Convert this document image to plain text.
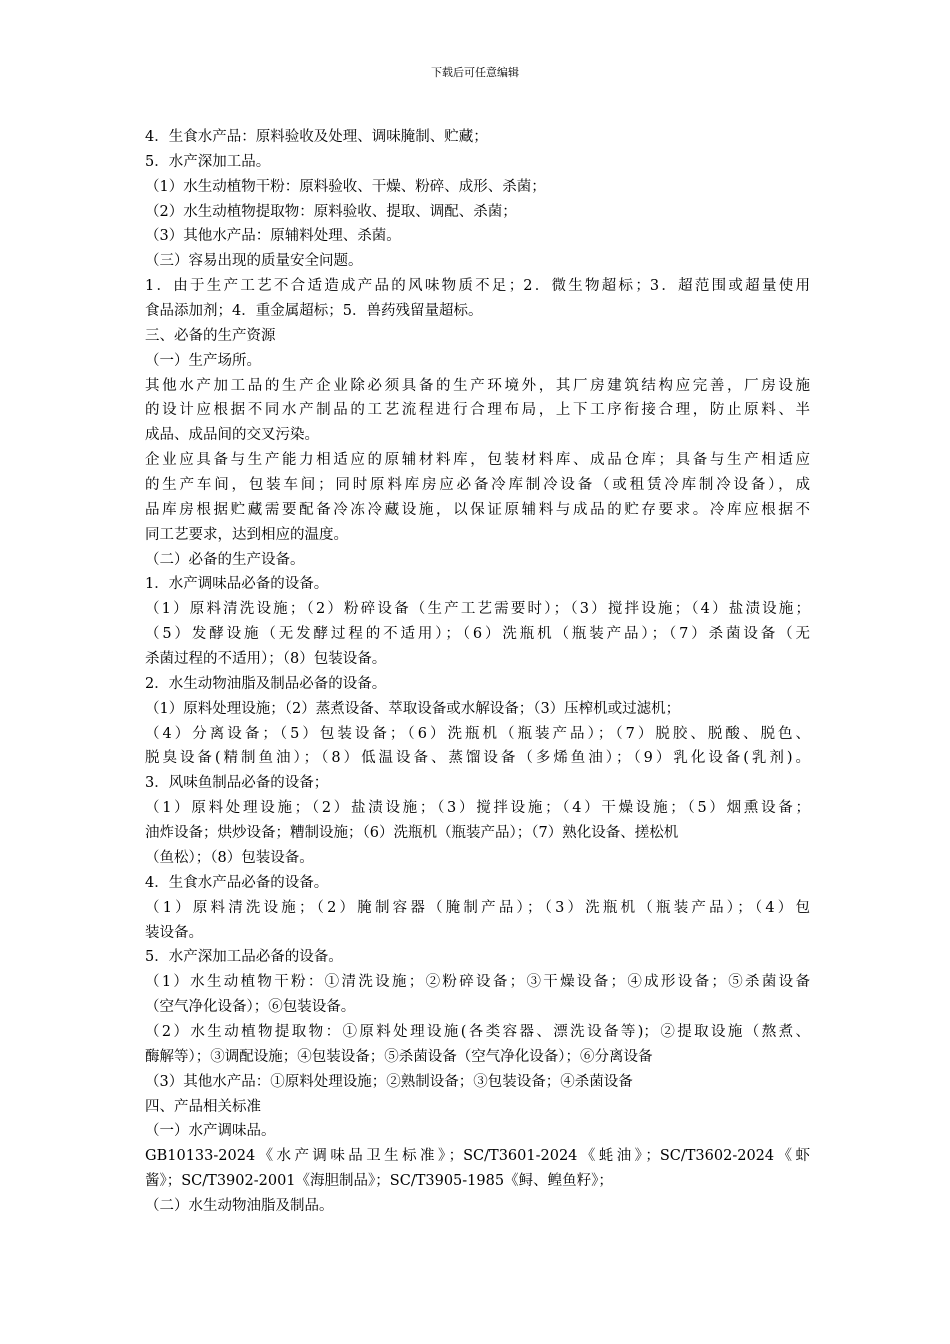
下载后可任意编辑
4．生食水产品：原料验收及处理、调味腌制、贮藏；
5．水产深加工品。
（1）水生动植物干粉：原料验收、干燥、粉碎、成形、杀菌；
（2）水生动植物提取物：原料验收、提取、调配、杀菌；
（3）其他水产品：原辅料处理、杀菌。
（三）容易出现的质量安全问题。
1．由于生产工艺不合适造成产品的风味物质不足；2．微生物超标；3．超范围或超量使用
食品添加剂；4．重金属超标；5．兽药残留量超标。
三、必备的生产资源
（一）生产场所。
其他水产加工品的生产企业除必须具备的生产环境外，其厂房建筑结构应完善，厂房设施
的设计应根据不同水产制品的工艺流程进行合理布局，上下工序衔接合理，防止原料、半
成品、成品间的交叉污染。
企业应具备与生产能力相适应的原辅材料库，包装材料库、成品仓库；具备与生产相适应
的生产车间，包装车间；同时原料库房应必备冷库制冷设备（或租赁冷库制冷设备），成
品库房根据贮藏需要配备冷冻冷藏设施，以保证原辅料与成品的贮存要求。冷库应根据不
同工艺要求，达到相应的温度。
（二）必备的生产设备。
1．水产调味品必备的设备。
（1）原料清洗设施；（2）粉碎设备（生产工艺需要时）；（3）搅拌设施；（4）盐渍设施；
（5）发酵设施（无发酵过程的不适用）；（6）洗瓶机（瓶装产品）；（7）杀菌设备（无
杀菌过程的不适用）；（8）包装设备。
2．水生动物油脂及制品必备的设备。
（1）原料处理设施；（2）蒸煮设备、萃取设备或水解设备；（3）压榨机或过滤机；
（4）分离设备；（5）包装设备；（6）洗瓶机（瓶装产品）；（7）脱胶、脱酸、脱色、
脱臭设备(精制鱼油）；（8）低温设备、蒸馏设备（多烯鱼油）；（9）乳化设备(乳剂)。
3．风味鱼制品必备的设备；
（1）原料处理设施；（2）盐渍设施；（3）搅拌设施；（4）干燥设施；（5）烟熏设备；
油炸设备；烘炒设备；糟制设施；（6）洗瓶机（瓶装产品）；（7）熟化设备、搓松机
（鱼松）；（8）包装设备。
4．生食水产品必备的设备。
（1）原料清洗设施；（2）腌制容器（腌制产品）；（3）洗瓶机（瓶装产品）；（4）包
装设备。
5．水产深加工品必备的设备。
（1）水生动植物干粉：①清洗设施；②粉碎设备；③干燥设备；④成形设备；⑤杀菌设备
（空气净化设备）；⑥包装设备。
（2）水生动植物提取物：①原料处理设施(各类容器、漂洗设备等)；②提取设施（熬煮、
酶解等）；③调配设施；④包装设备；⑤杀菌设备（空气净化设备）；⑥分离设备
（3）其他水产品：①原料处理设施；②熟制设备；③包装设备；④杀菌设备
四、产品相关标准
（一）水产调味品。
GB10133-2024《水产调味品卫生标准》；SC/T3601-2024《蚝油》；SC/T3602-2024《虾
酱》；SC/T3902-2001《海胆制品》；SC/T3905-1985《鲟、鳇鱼籽》；
（二）水生动物油脂及制品。
